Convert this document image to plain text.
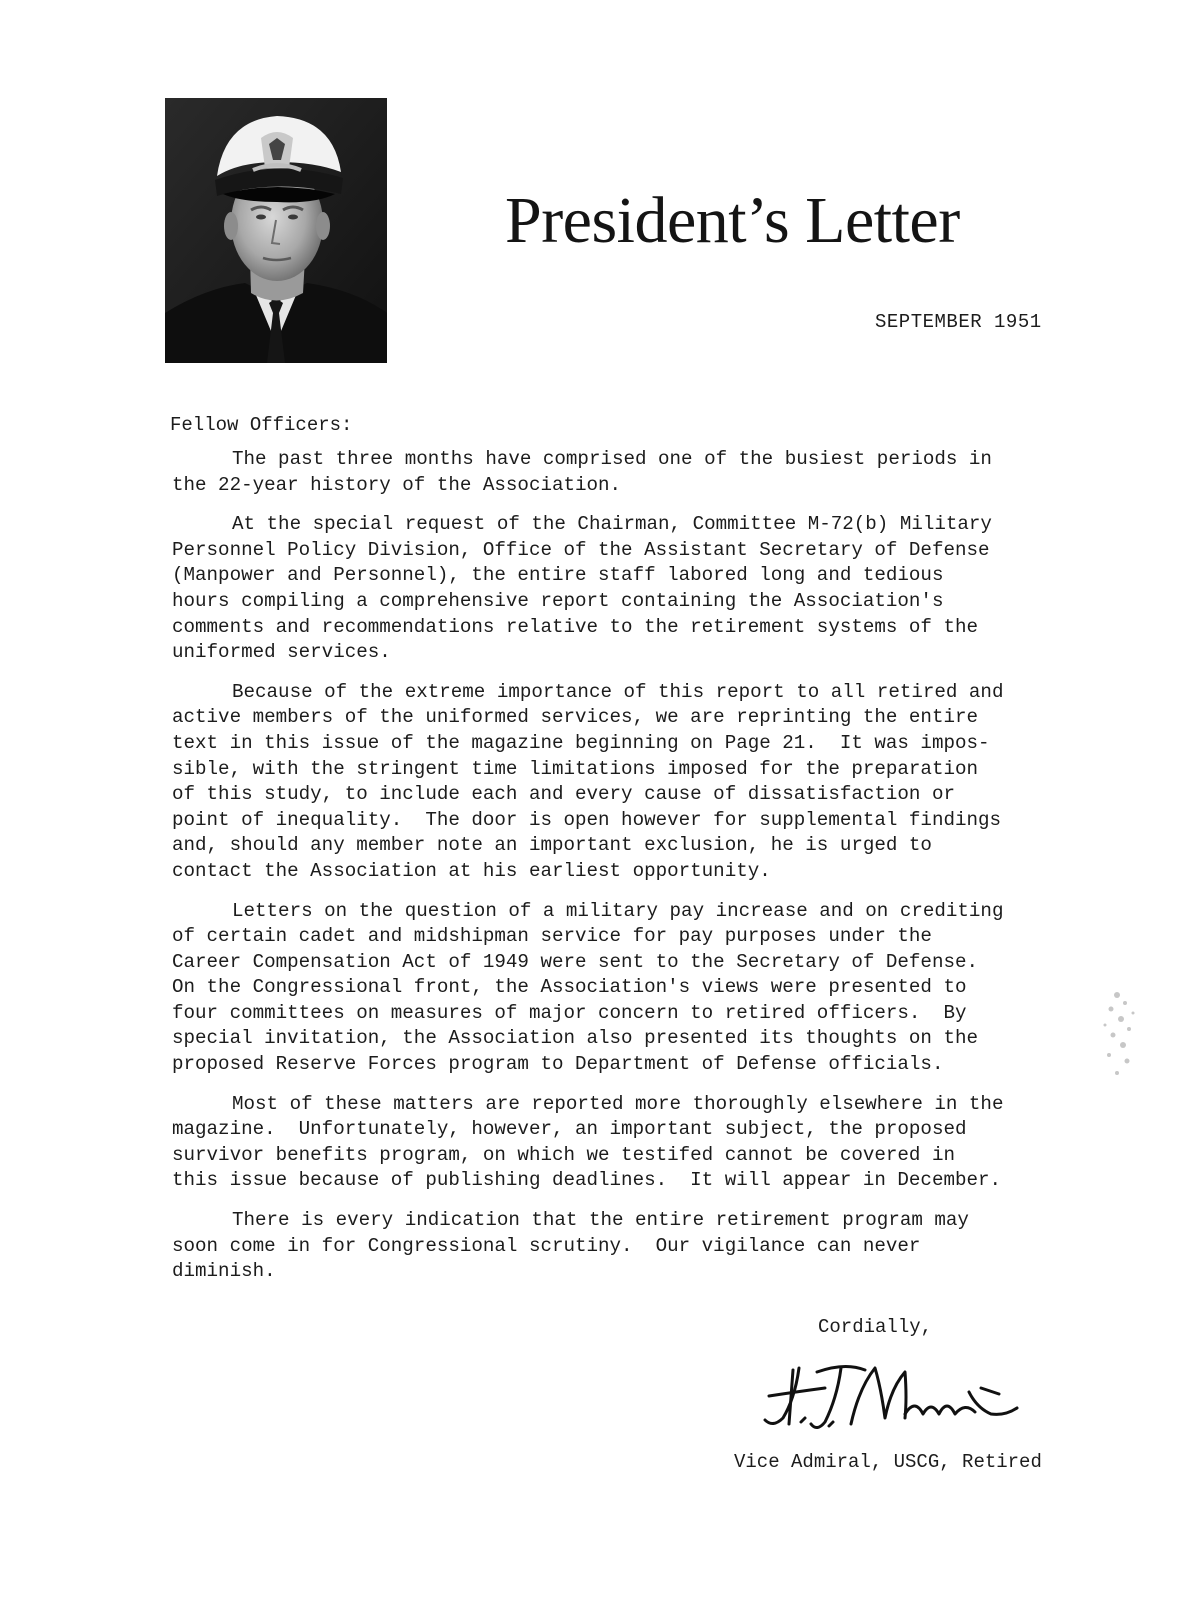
President’s Letter
SEPTEMBER 1951
Fellow Officers:

The past three months have comprised one of the busiest periods in
the 22-year history of the Association.

At the special request of the Chairman, Committee M-72(b) Military
Personnel Policy Division, Office of the Assistant Secretary of Defense
(Manpower and Personnel), the entire staff labored long and tedious
hours compiling a comprehensive report containing the Association's
comments and recommendations relative to the retirement systems of the
uniformed services.

Because of the extreme importance of this report to all retired and
active members of the uniformed services, we are reprinting the entire
text in this issue of the magazine beginning on Page 21.  It was impos-
sible, with the stringent time limitations imposed for the preparation
of this study, to include each and every cause of dissatisfaction or
point of inequality.  The door is open however for supplemental findings
and, should any member note an important exclusion, he is urged to
contact the Association at his earliest opportunity.

Letters on the question of a military pay increase and on crediting
of certain cadet and midshipman service for pay purposes under the
Career Compensation Act of 1949 were sent to the Secretary of Defense.
On the Congressional front, the Association's views were presented to
four committees on measures of major concern to retired officers.  By
special invitation, the Association also presented its thoughts on the
proposed Reserve Forces program to Department of Defense officials.

Most of these matters are reported more thoroughly elsewhere in the
magazine.  Unfortunately, however, an important subject, the proposed
survivor benefits program, on which we testifed cannot be covered in
this issue because of publishing deadlines.  It will appear in December.

There is every indication that the entire retirement program may
soon come in for Congressional scrutiny.  Our vigilance can never
diminish.

Cordially,
Vice Admiral, USCG, Retired
